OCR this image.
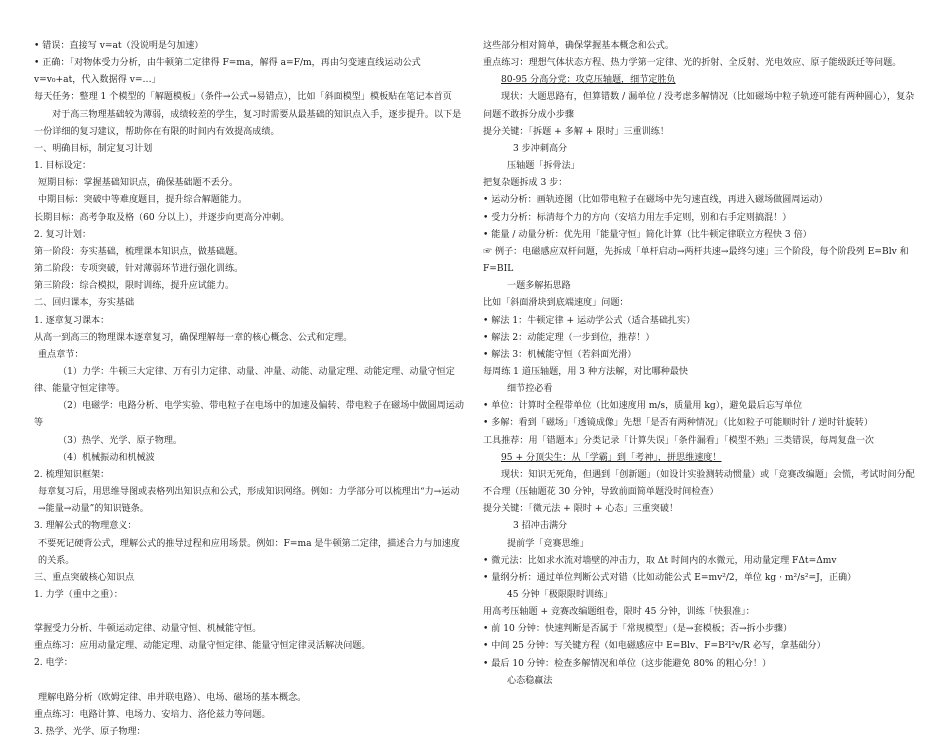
• 错误：直接写 v=at（没说明是匀加速）
• 正确：「对物体受力分析，由牛顿第二定律得 F=ma，解得 a=F/m，再由匀变速直线运动公式 v=v₀+at，代入数据得 v=…」
每天任务：整理 1 个模型的「解题模板」（条件→公式→易错点），比如「斜面模型」模板贴在笔记本首页
对于高三物理基础较为薄弱，成绩较差的学生，复习时需要从最基础的知识点入手，逐步提升。以下是一份详细的复习建议，帮助你在有限的时间内有效提高成绩。
一、明确目标，制定复习计划
1. 目标设定：
短期目标：掌握基础知识点，确保基础题不丢分。
中期目标：突破中等难度题目，提升综合解题能力。
长期目标：高考争取及格（60 分以上），并逐步向更高分冲刺。
2. 复习计划：
第一阶段：夯实基础，梳理课本知识点，做基础题。
第二阶段：专项突破，针对薄弱环节进行强化训练。
第三阶段：综合模拟，限时训练，提升应试能力。
二、回归课本，夯实基础
1. 逐章复习课本：
从高一到高三的物理课本逐章复习，确保理解每一章的核心概念、公式和定理。
重点章节：
（1）力学：牛顿三大定律、万有引力定律、动量、冲量、动能、动量定理、动能定理、动量守恒定律、能量守恒定律等。
（2）电磁学：电路分析、电学实验、带电粒子在电场中的加速及偏转、带电粒子在磁场中做圆周运动等
（3）热学、光学、原子物理。
（4）机械振动和机械波
2. 梳理知识框架：
每章复习后，用思维导图或表格列出知识点和公式，形成知识网络。例如：力学部分可以梳理出“力→运动→能量→动量”的知识链条。
3. 理解公式的物理意义：
不要死记硬背公式，理解公式的推导过程和应用场景。例如：F=ma 是牛顿第二定律，描述合力与加速度的关系。
三、重点突破核心知识点
1. 力学（重中之重）：
掌握受力分析、牛顿运动定律、动量守恒、机械能守恒。
重点练习：应用动量定理、动能定理、动量守恒定律、能量守恒定律灵活解决问题。
2. 电学：
理解电路分析（欧姆定律、串并联电路）、电场、磁场的基本概念。
重点练习：电路计算、电场力、安培力、洛伦兹力等问题。
3. 热学、光学、原子物理：
这些部分相对简单，确保掌握基本概念和公式。
重点练习：理想气体状态方程、热力学第一定律、光的折射、全反射、光电效应、原子能级跃迁等问题。
80-95 分高分党：攻克压轴题，细节定胜负
现状：大题思路有，但算错数 / 漏单位 / 没考虑多解情况（比如磁场中粒子轨迹可能有两种圆心），复杂问题不敢拆分成小步骤
提分关键：「拆题 + 多解 + 限时」三重训练！
3 步冲刺高分
压轴题「拆骨法」
把复杂题拆成 3 步：
• 运动分析：画轨迹图（比如带电粒子在磁场中先匀速直线，再进入磁场做圆周运动）
• 受力分析：标清每个力的方向（安培力用左手定则，别和右手定则搞混！）
• 能量 / 动量分析：优先用「能量守恒」简化计算（比牛顿定律联立方程快 3 倍）
☞ 例子：电磁感应双杆问题，先拆成「单杆启动→两杆共速→最终匀速」三个阶段，每个阶段列 E=Blv 和 F=BIL
一题多解拓思路
比如「斜面滑块到底端速度」问题：
• 解法 1：牛顿定律 + 运动学公式（适合基础扎实）
• 解法 2：动能定理（一步到位，推荐！）
• 解法 3：机械能守恒（若斜面光滑）
每周练 1 道压轴题，用 3 种方法解，对比哪种最快
细节控必看
• 单位：计算时全程带单位（比如速度用 m/s，质量用 kg），避免最后忘写单位
• 多解：看到「磁场」「透镜成像」先想「是否有两种情况」（比如粒子可能顺时针 / 逆时针旋转）
工具推荐：用「错题本」分类记录「计算失误」「条件漏看」「模型不熟」三类错误，每周复盘一次
95 + 分顶尖生：从「学霸」到「考神」，拼思维速度！
现状：知识无死角，但遇到「创新题」（如设计实验测转动惯量）或「竞赛改编题」会慌，考试时间分配不合理（压轴题花 30 分钟，导致前面简单题没时间检查）
提分关键：「微元法 + 限时 + 心态」三重突破！
3 招冲击满分
提前学「竞赛思维」
• 微元法：比如求水流对墙壁的冲击力，取 Δt 时间内的水微元，用动量定理 FΔt=Δmv
• 量纲分析：通过单位判断公式对错（比如动能公式 E=mv²/2，单位 kg · m²/s²=J，正确）
45 分钟「极限限时训练」
用高考压轴题 + 竞赛改编题组卷，限时 45 分钟，训练「快狠准」：
• 前 10 分钟：快速判断是否属于「常规模型」（是→套模板；否→拆小步骤）
• 中间 25 分钟：写关键方程（如电磁感应中 E=Blv、F=B²l²v/R 必写，拿基础分）
• 最后 10 分钟：检查多解情况和单位（这步能避免 80% 的粗心分！）
心态稳赢法
